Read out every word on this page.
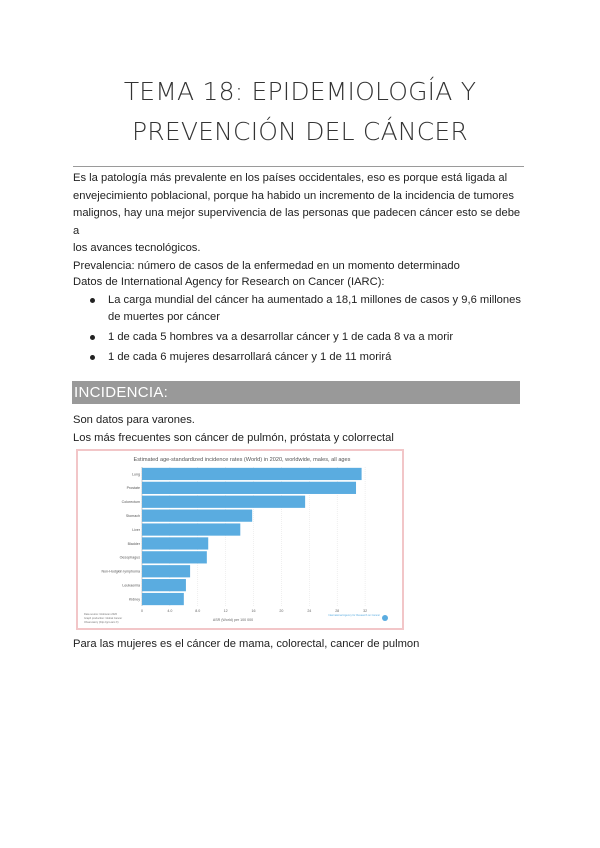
TEMA 18: EPIDEMIOLOGÍA Y
PREVENCIÓN DEL CÁNCER

Es la patología más prevalente en los países occidentales, eso es porque está ligada al

envejecimiento poblacional, porque ha habido un incremento de la incidencia de tumores

malignos, hay una mejor supervivencia de las personas que padecen cáncer esto se debe a

los avances tecnológicos.

Prevalencia: número de casos de la enfermedad en un momento determinado

Datos de International Agency for Research on Cancer (IARC):
La carga mundial del cáncer ha aumentado a 18,1 millones de casos y 9,6 millones
de muertes por cáncer
1 de cada 5 hombres va a desarrollar cáncer y 1 de cada 8 va a morir
1 de cada 6 mujeres desarrollará cáncer y 1 de 11 morirá
INCIDENCIA:

Son datos para varones.

Los más frecuentes son cáncer de pulmón, próstata y colorrectal

Estimated age-standardized incidence rates (World) in 2020, worldwide, males, all ages
Lung
Prostate
Colorectum
Stomach
Liver
Bladder
Oesophagus
Non-Hodgkin lymphoma
Leukaemia
Kidney
0	4.0	8.0	12	16	20	24	28	32
ASR (World) per 100 000
Data source: Globocan 2020
Graph production: Global Cancer
Observatory (http://gco.iarc.fr)
International Agency for Research on Cancer
Para las mujeres es el cáncer de mama, colorectal, cancer de pulmon
